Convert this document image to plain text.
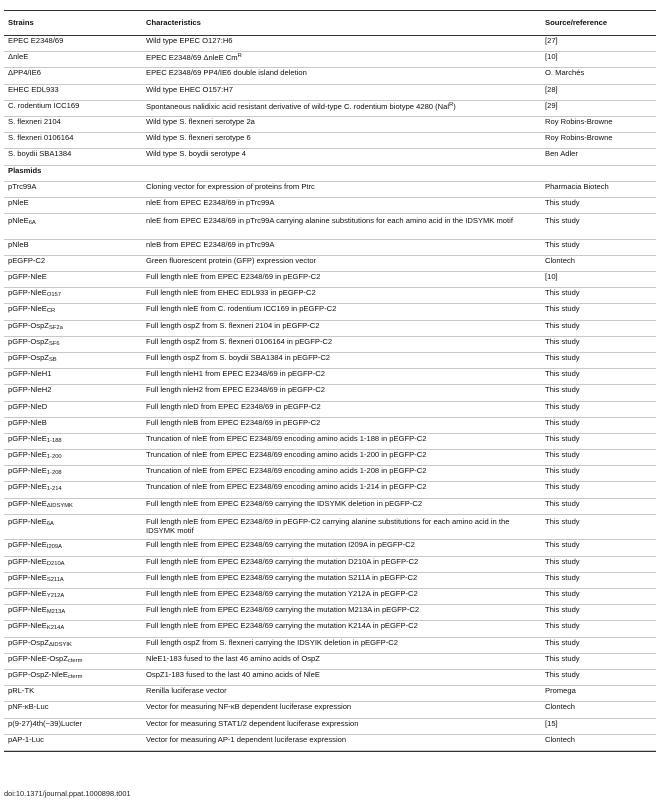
Strains	Characteristics	Source/reference
EPEC E2348/69	Wild type EPEC O127:H6	[27]
ΔnleE	EPEC E2348/69 ΔnleE $Cm^R$	[10]
ΔPP4/IE6	EPEC E2348/69 PP4/IE6 double island deletion	O. Marchés
EHEC EDL933	Wild type EHEC O157:H7	[28]
C. rodentium ICC169	Spontaneous nalidixic acid resistant derivative of wild-type C. rodentium biotype 4280 (Nal$^R$)	[29]
S. flexneri 2104	Wild type S. flexneri serotype 2a	Roy Robins-Browne
S. flexneri 0106164	Wild type S. flexneri serotype 6	Roy Robins-Browne
S. boydii SBA1384	Wild type S. boydii serotype 4	Ben Adler
Plasmids		
pTrc99A	Cloning vector for expression of proteins from Ptrc	Pharmacia Biotech
pNleE	nleE from EPEC E2348/69 in pTrc99A	This study
pNleE6A	nleE from EPEC E2348/69 in pTrc99A carrying alanine substitutions for each amino acid in the IDSYMK motif	This study
pNleB	nleB from EPEC E2348/69 in pTrc99A	This study
pEGFP-C2	Green fluorescent protein (GFP) expression vector	Clontech
pGFP-NleE	Full length nleE from EPEC E2348/69 in pEGFP-C2	[10]
pGFP-NleEO157	Full length nleE from EHEC EDL933 in pEGFP-C2	This study
pGFP-NleECR	Full length nleE from C. rodentium ICC169 in pEGFP-C2	This study
pGFP-OspZSF2a	Full length ospZ from S. flexneri 2104 in pEGFP-C2	This study
pGFP-OspZSF6	Full length ospZ from S. flexneri 0106164 in pEGFP-C2	This study
pGFP-OspZSB	Full length ospZ from S. boydii SBA1384 in pEGFP-C2	This study
pGFP-NleH1	Full length nleH1 from EPEC E2348/69 in pEGFP-C2	This study
pGFP-NleH2	Full length nleH2 from EPEC E2348/69 in pEGFP-C2	This study
pGFP-NleD	Full length nleD from EPEC E2348/69 in pEGFP-C2	This study
pGFP-NleB	Full length nleB from EPEC E2348/69 in pEGFP-C2	This study
pGFP-NleE1-188	Truncation of nleE from EPEC E2348/69 encoding amino acids 1-188 in pEGFP-C2	This study
pGFP-NleE1-200	Truncation of nleE from EPEC E2348/69 encoding amino acids 1-200 in pEGFP-C2	This study
pGFP-NleE1-208	Truncation of nleE from EPEC E2348/69 encoding amino acids 1-208 in pEGFP-C2	This study
pGFP-NleE1-214	Truncation of nleE from EPEC E2348/69 encoding amino acids 1-214 in pEGFP-C2	This study
pGFP-NleEΔIDSYMK	Full length nleE from EPEC E2348/69 carrying the IDSYMK deletion in pEGFP-C2	This study
pGFP-NleE6A	Full length nleE from EPEC E2348/69 in pEGFP-C2 carrying alanine substitutions for each amino acid in the IDSYMK motif	This study
pGFP-NleEI209A	Full length nleE from EPEC E2348/69 carrying the mutation I209A in pEGFP-C2	This study
pGFP-NleED210A	Full length nleE from EPEC E2348/69 carrying the mutation D210A in pEGFP-C2	This study
pGFP-NleES211A	Full length nleE from EPEC E2348/69 carrying the mutation S211A in pEGFP-C2	This study
pGFP-NleEY212A	Full length nleE from EPEC E2348/69 carrying the mutation Y212A in pEGFP-C2	This study
pGFP-NleEM213A	Full length nleE from EPEC E2348/69 carrying the mutation M213A in pEGFP-C2	This study
pGFP-NleEK214A	Full length nleE from EPEC E2348/69 carrying the mutation K214A in pEGFP-C2	This study
pGFP-OspZΔIDSYIK	Full length ospZ from S. flexneri carrying the IDSYIK deletion in pEGFP-C2	This study
pGFP-NleE-OspZcterm	NleE1-183 fused to the last 46 amino acids of OspZ	This study
pGFP-OspZ-NleEcterm	OspZ1-183 fused to the last 40 amino acids of NleE	This study
pRL-TK	Renilla luciferase vector	Promega
pNF-κB-Luc	Vector for measuring NF-κB dependent luciferase expression	Clontech
p(9-27)4th(−39)Lucter	Vector for measuring STAT1/2 dependent luciferase expression	[15]
pAP-1-Luc	Vector for measuring AP-1 dependent luciferase expression	Clontech
doi:10.1371/journal.ppat.1000898.t001
